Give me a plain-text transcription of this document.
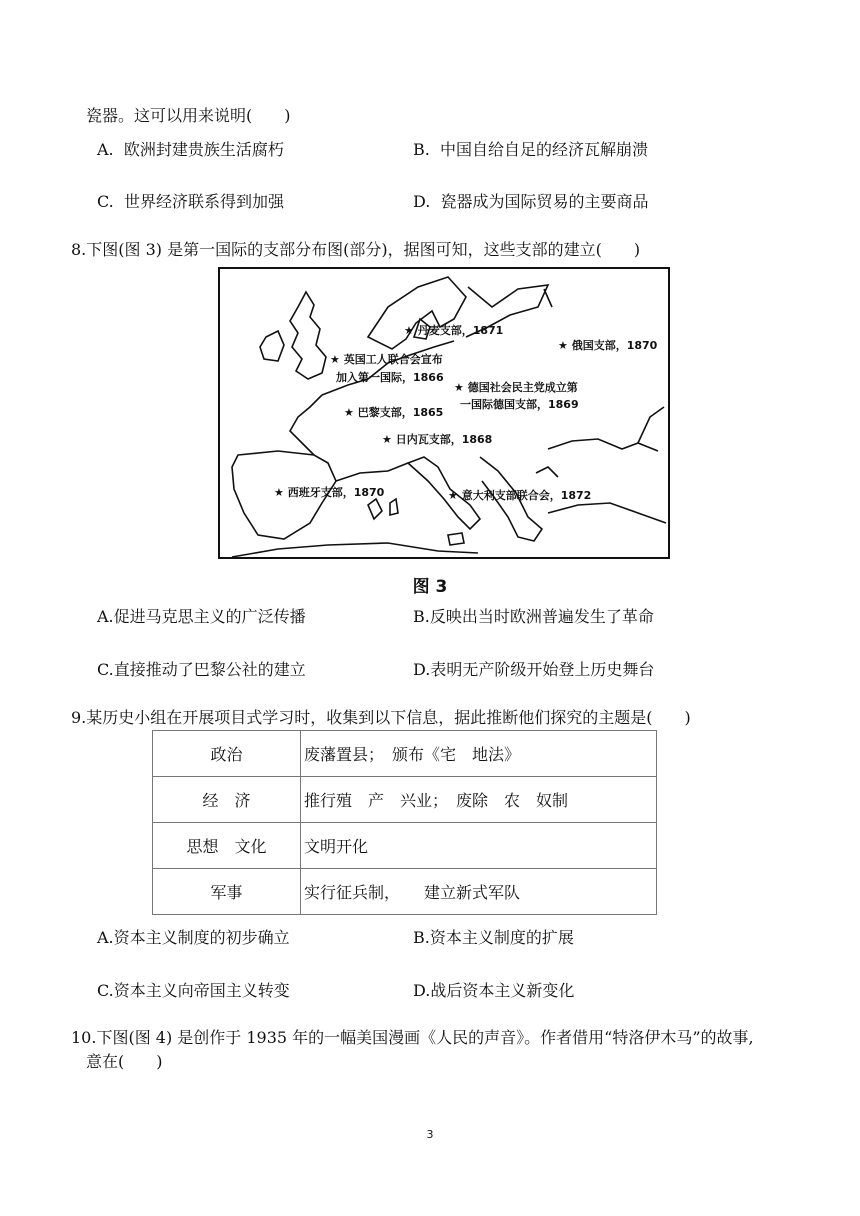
瓷器。这可以用来说明(　　)
A. 欧洲封建贵族生活腐朽	B. 中国自给自足的经济瓦解崩溃
C. 世界经济联系得到加强	D. 瓷器成为国际贸易的主要商品
8.下图(图 3) 是第一国际的支部分布图(部分)，据图可知，这些支部的建立(　　)
★ 丹麦支部，1871
★ 俄国支部，1870
★ 英国工人联合会宣布
加入第一国际，1866
★ 德国社会民主党成立第
一国际德国支部，1869
★ 巴黎支部，1865
★ 日内瓦支部，1868
★ 西班牙支部，1870	★ 意大利支部联合会，1872
图 3
A.促进马克思主义的广泛传播	B.反映出当时欧洲普遍发生了革命
C.直接推动了巴黎公社的建立	D.表明无产阶级开始登上历史舞台
9.某历史小组在开展项目式学习时，收集到以下信息，据此推断他们探究的主题是(　　)
政治	废藩置县；　颁布《宅　地法》
经　济	推行殖　产　兴业；　废除　农　奴制
思想　文化	文明开化
军事	实行征兵制，　　建立新式军队
A.资本主义制度的初步确立	B.资本主义制度的扩展
C.资本主义向帝国主义转变	D.战后资本主义新变化
10.下图(图 4) 是创作于 1935 年的一幅美国漫画《人民的声音》。作者借用“特洛伊木马”的故事,
意在(　　)
3
